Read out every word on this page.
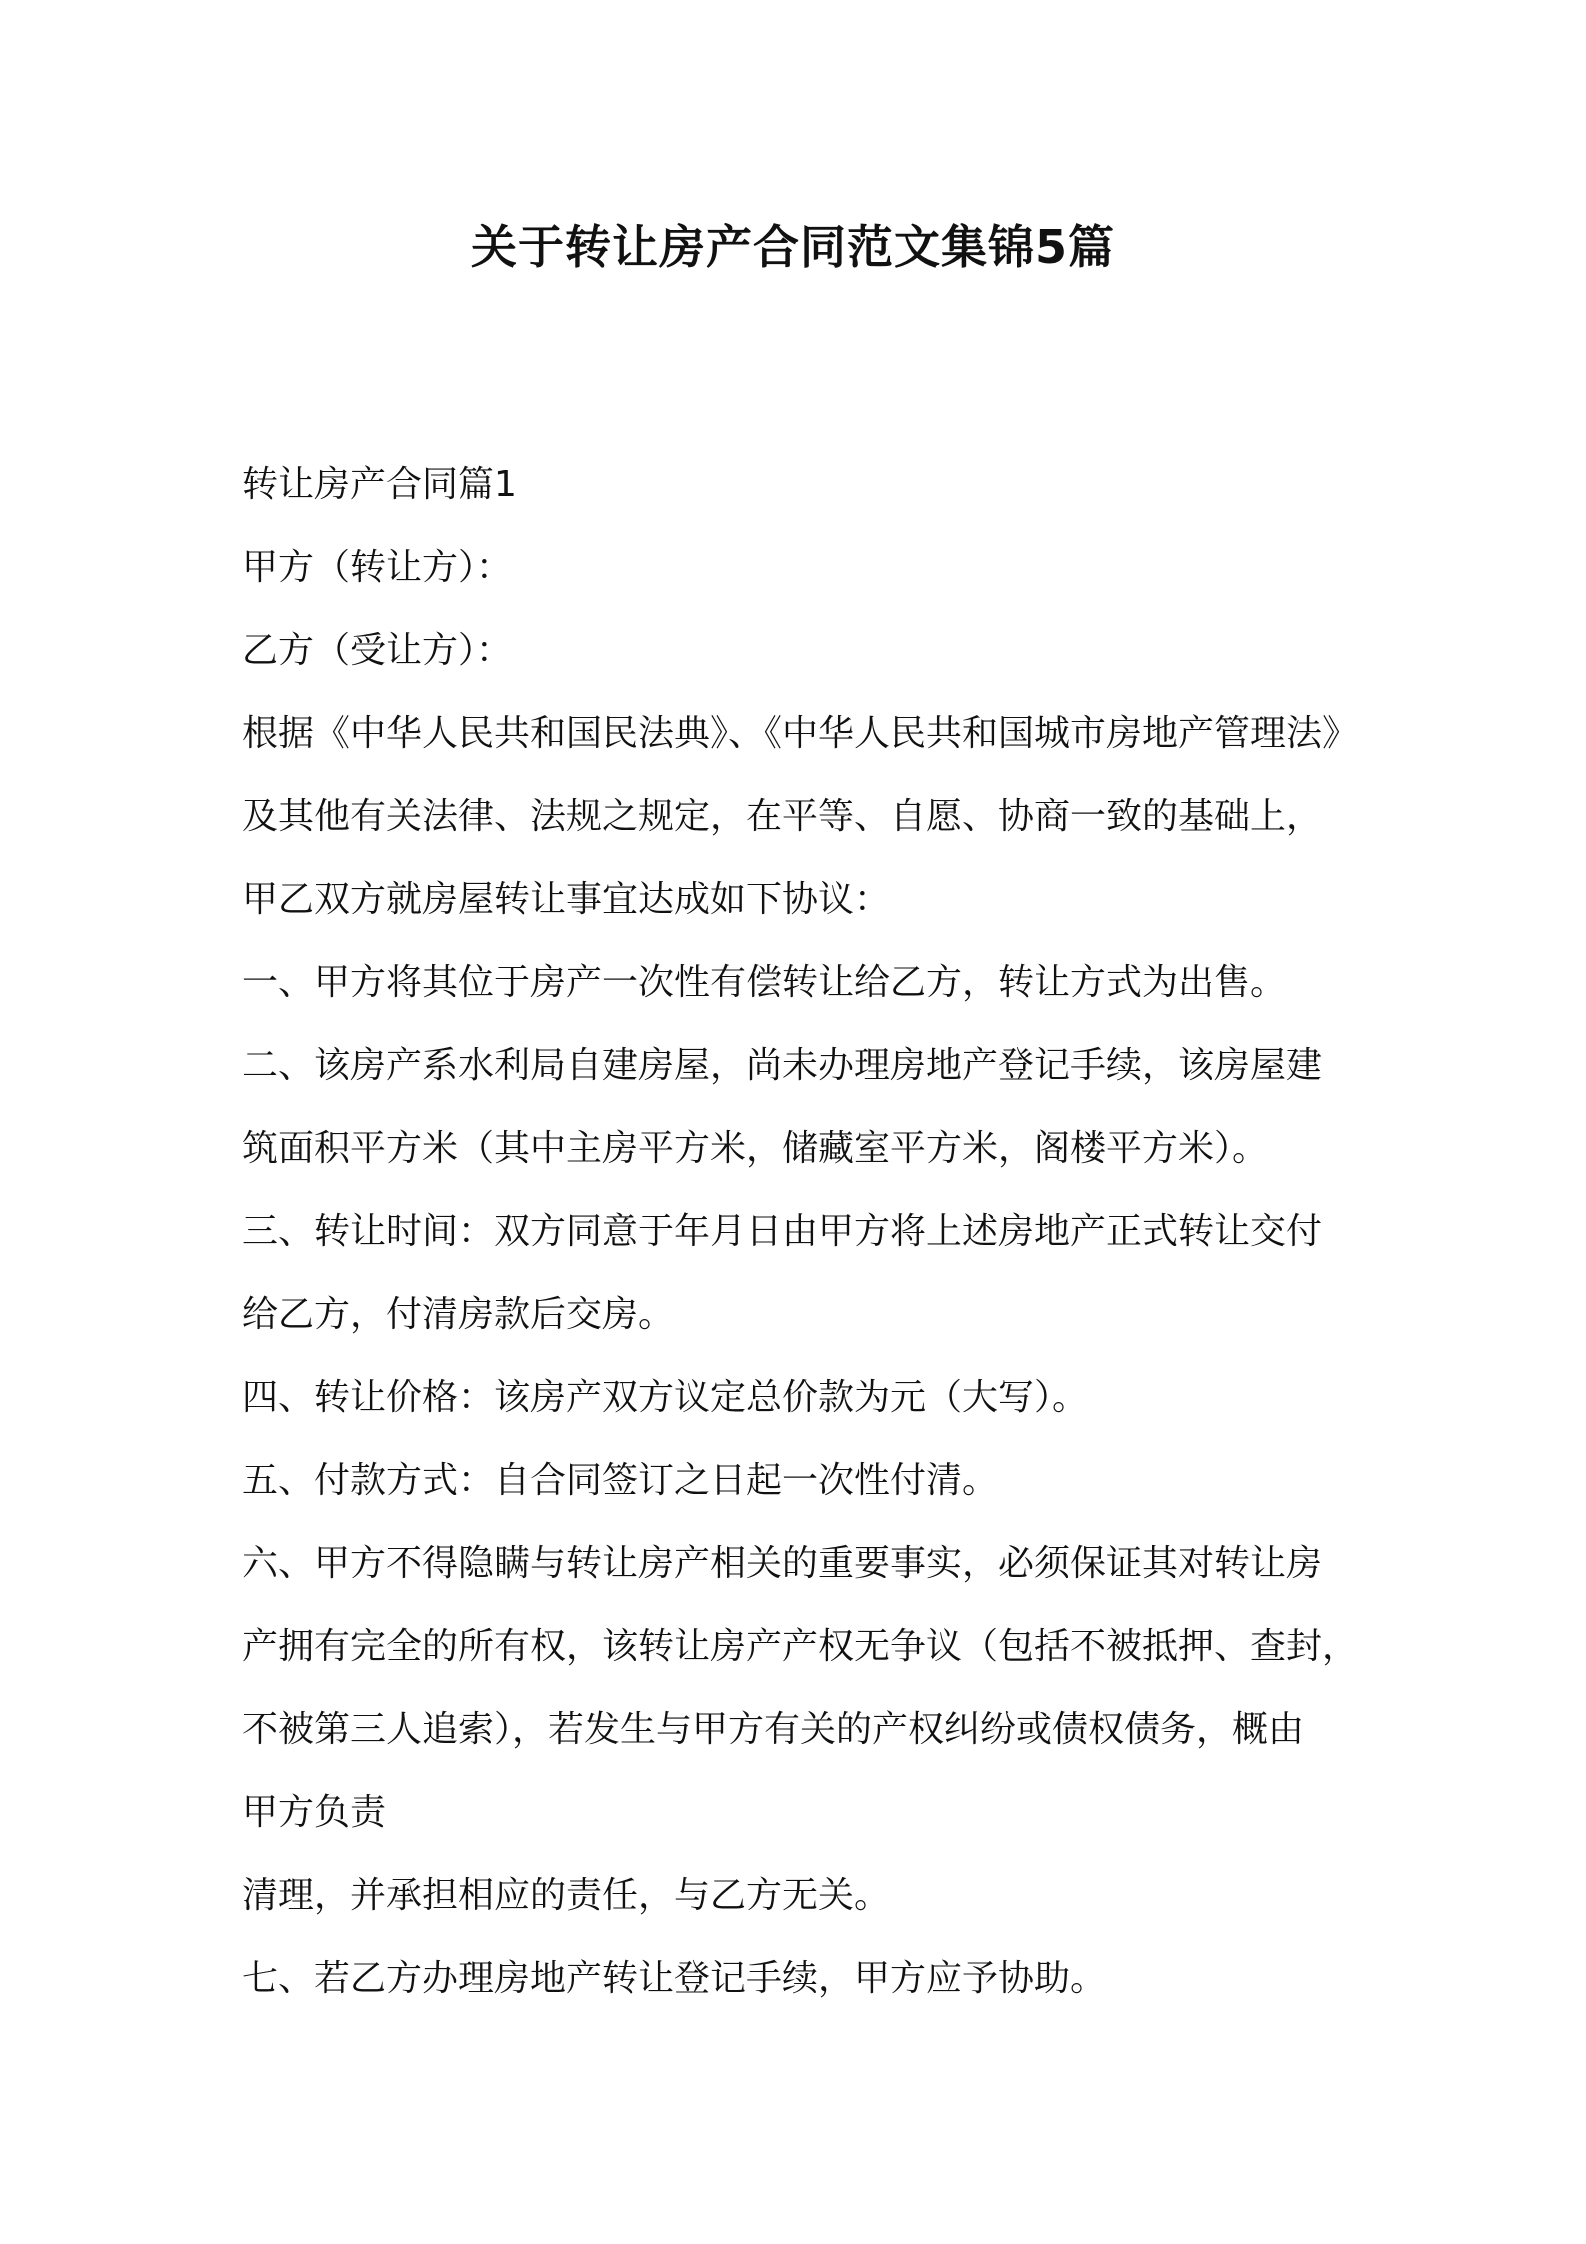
关于转让房产合同范文集锦5篇
转让房产合同篇1
甲方（转让方）：
乙方（受让方）：
根据《中华人民共和国民法典》、《中华人民共和国城市房地产管理法》
及其他有关法律、法规之规定，在平等、自愿、协商一致的基础上，
甲乙双方就房屋转让事宜达成如下协议：
一、甲方将其位于房产一次性有偿转让给乙方，转让方式为出售。
二、该房产系水利局自建房屋，尚未办理房地产登记手续，该房屋建
筑面积平方米（其中主房平方米，储藏室平方米，阁楼平方米）。
三、转让时间：双方同意于年月日由甲方将上述房地产正式转让交付
给乙方，付清房款后交房。
四、转让价格：该房产双方议定总价款为元（大写）。
五、付款方式：自合同签订之日起一次性付清。
六、甲方不得隐瞒与转让房产相关的重要事实，必须保证其对转让房
产拥有完全的所有权，该转让房产产权无争议（包括不被抵押、查封，
不被第三人追索），若发生与甲方有关的产权纠纷或债权债务，概由
甲方负责
清理，并承担相应的责任，与乙方无关。
七、若乙方办理房地产转让登记手续，甲方应予协助。
